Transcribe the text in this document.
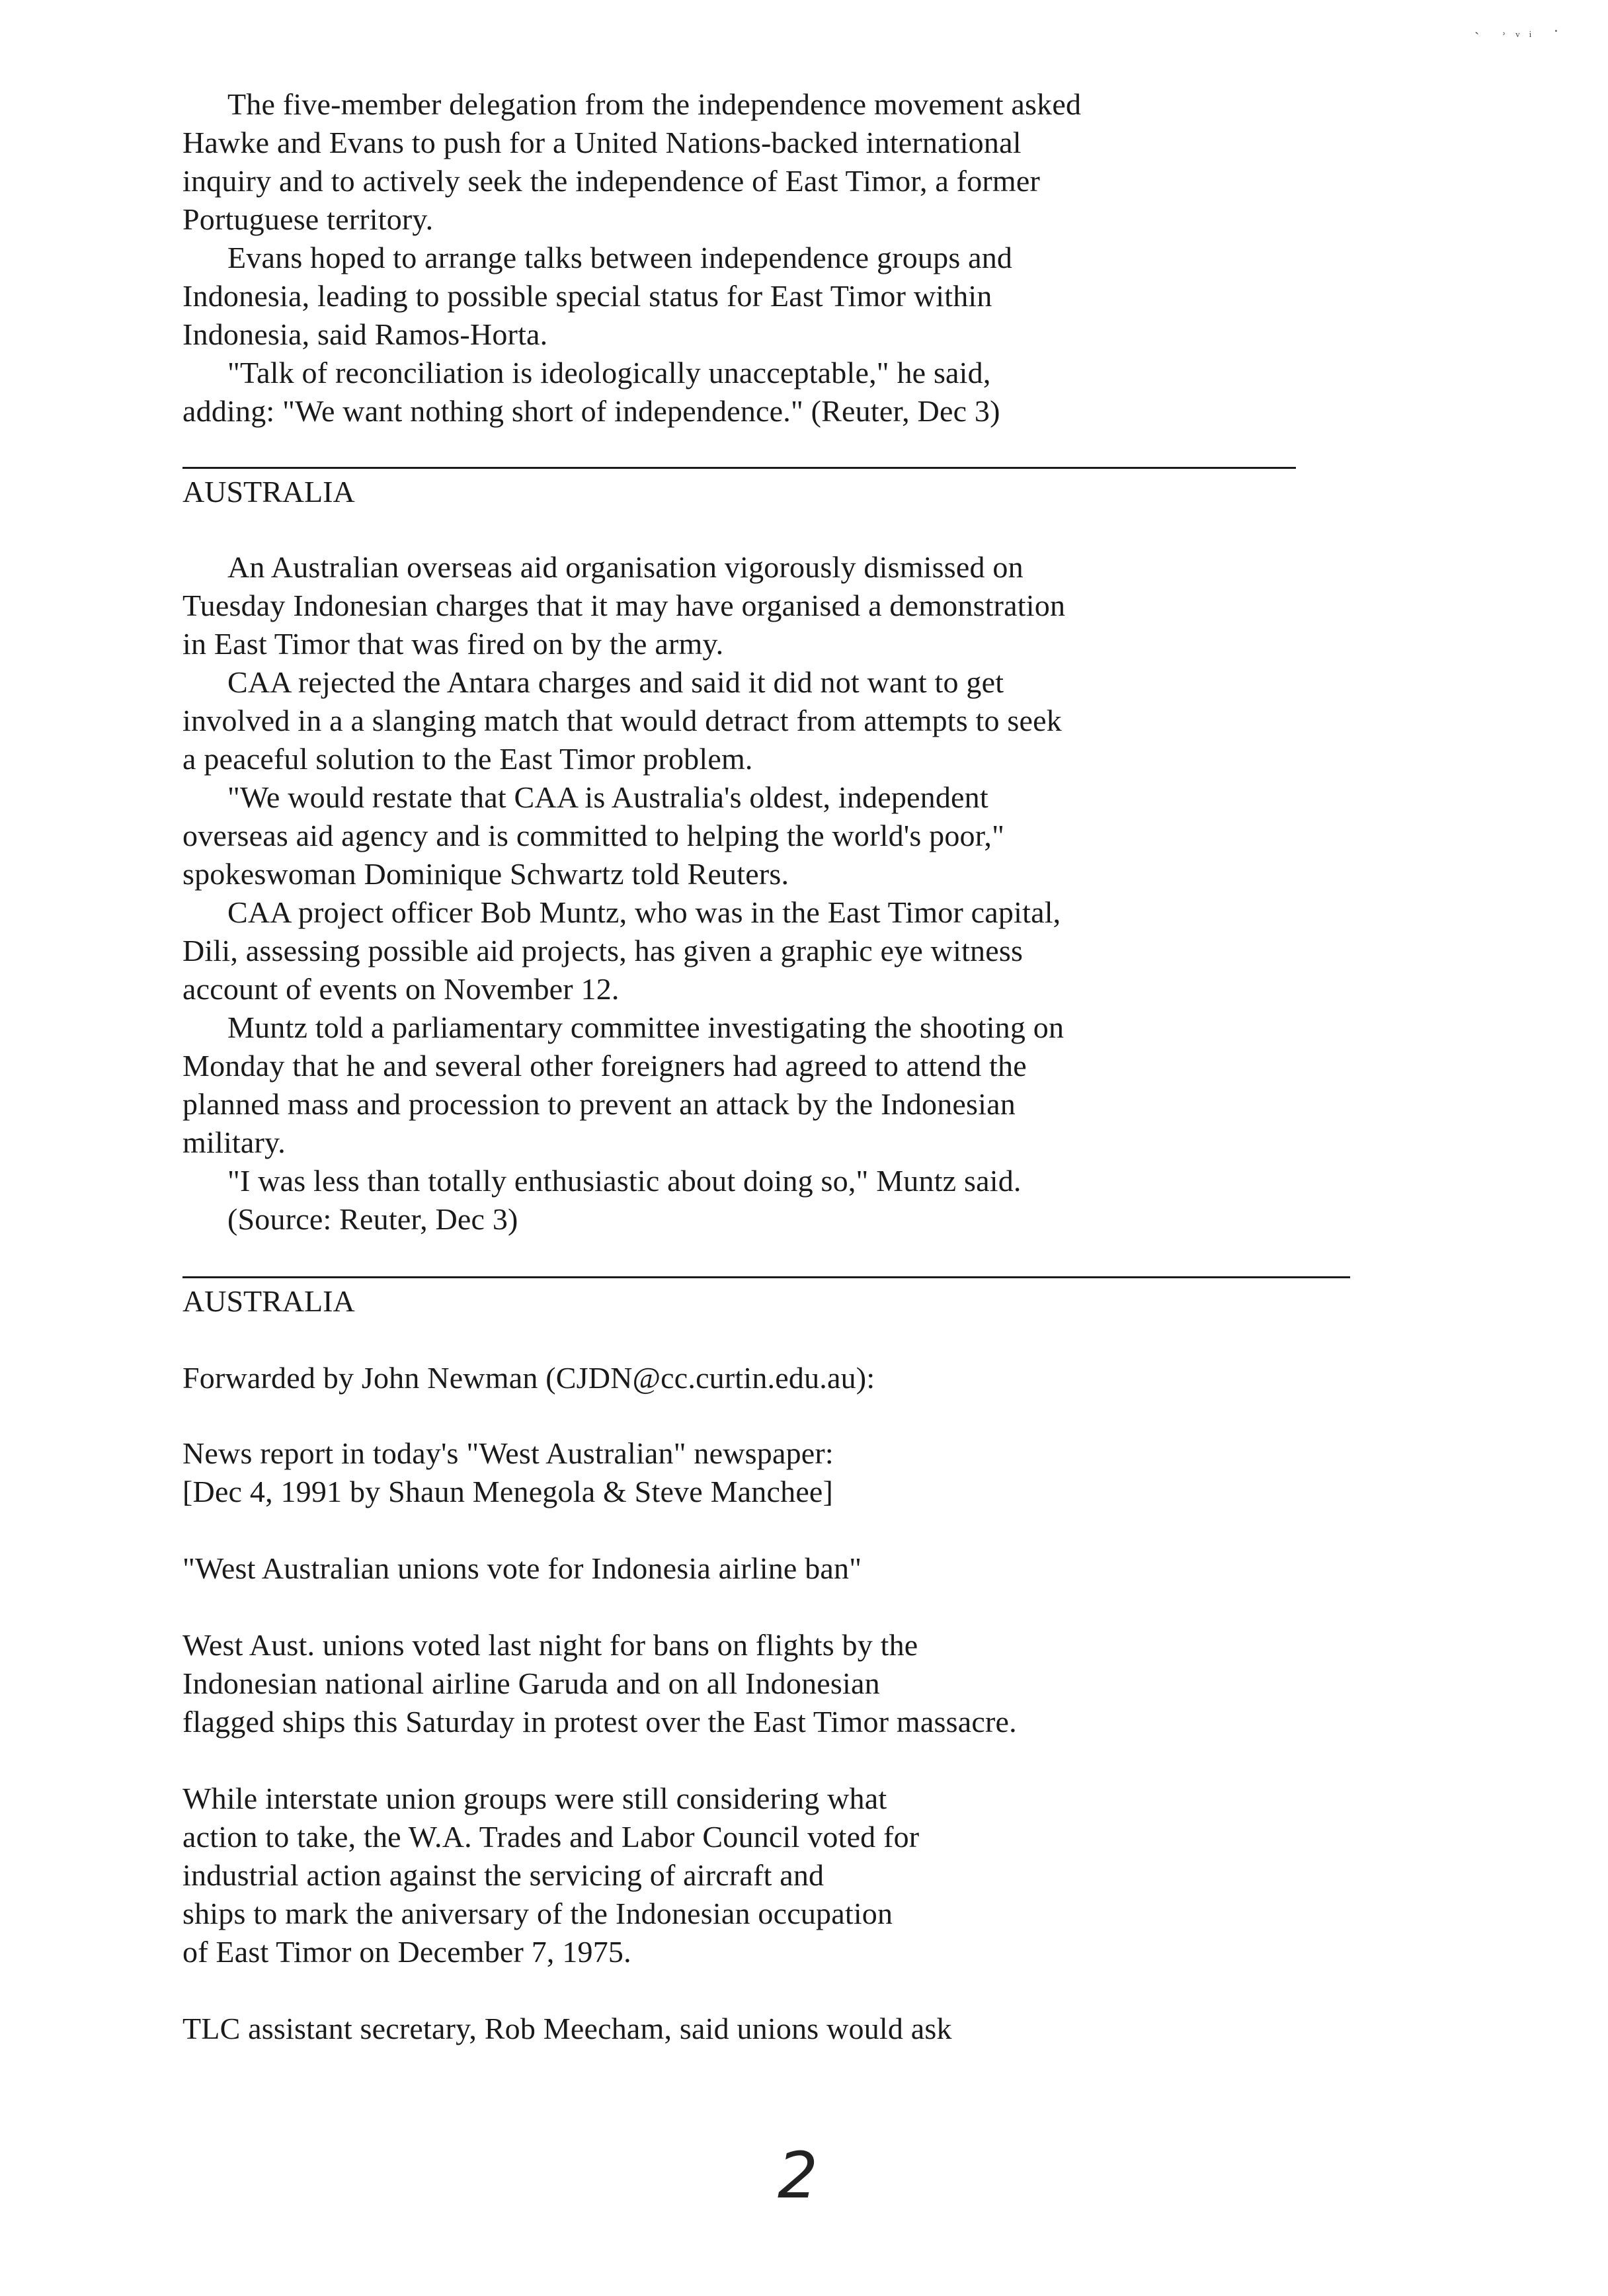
˴ ˒ᵥᵢ ·
The five-member delegation from the independence movement asked
Hawke and Evans to push for a United Nations-backed international
inquiry and to actively seek the independence of East Timor, a former
Portuguese territory.
Evans hoped to arrange talks between independence groups and
Indonesia, leading to possible special status for East Timor within
Indonesia, said Ramos-Horta.
"Talk of reconciliation is ideologically unacceptable," he said,
adding: "We want nothing short of independence." (Reuter, Dec 3)
AUSTRALIA
An Australian overseas aid organisation vigorously dismissed on
Tuesday Indonesian charges that it may have organised a demonstration
in East Timor that was fired on by the army.
CAA rejected the Antara charges and said it did not want to get
involved in a a slanging match that would detract from attempts to seek
a peaceful solution to the East Timor problem.
"We would restate that CAA is Australia's oldest, independent
overseas aid agency and is committed to helping the world's poor,"
spokeswoman Dominique Schwartz told Reuters.
CAA project officer Bob Muntz, who was in the East Timor capital,
Dili, assessing possible aid projects, has given a graphic eye witness
account of events on November 12.
Muntz told a parliamentary committee investigating the shooting on
Monday that he and several other foreigners had agreed to attend the
planned mass and procession to prevent an attack by the Indonesian
military.
"I was less than totally enthusiastic about doing so," Muntz said.
(Source: Reuter, Dec 3)
AUSTRALIA
Forwarded by John Newman (CJDN@cc.curtin.edu.au):
News report in today's "West Australian" newspaper:
[Dec 4, 1991 by Shaun Menegola & Steve Manchee]
"West Australian unions vote for Indonesia airline ban"
West Aust. unions voted last night for bans on flights by the
Indonesian national airline Garuda and on all Indonesian
flagged ships this Saturday in protest over the East Timor massacre.
While interstate union groups were still considering what
action to take, the W.A. Trades and Labor Council voted for
industrial action against the servicing of aircraft and
ships to mark the aniversary of the Indonesian occupation
of East Timor on December 7, 1975.
TLC assistant secretary, Rob Meecham, said unions would ask
2
